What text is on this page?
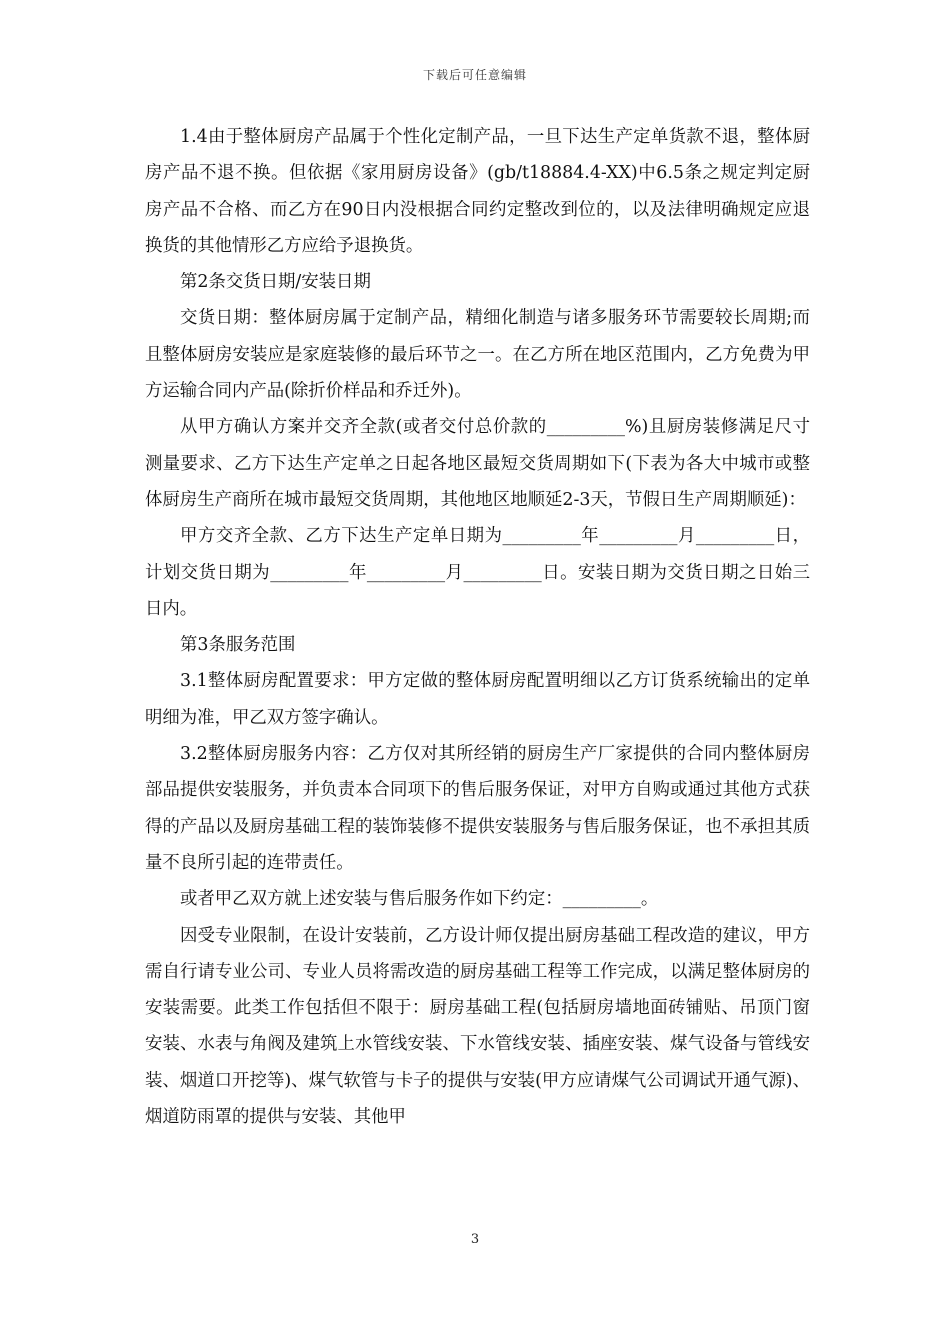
下载后可任意编辑

1.4由于整体厨房产品属于个性化定制产品，一旦下达生产定单货款不退，整体厨房产品不退不换。但依据《家用厨房设备》(gb/t18884.4-XX)中6.5条之规定判定厨房产品不合格、而乙方在90日内没根据合同约定整改到位的，以及法律明确规定应退换货的其他情形乙方应给予退换货。

第2条交货日期/安装日期

交货日期：整体厨房属于定制产品，精细化制造与诸多服务环节需要较长周期;而且整体厨房安装应是家庭装修的最后环节之一。在乙方所在地区范围内，乙方免费为甲方运输合同内产品(除折价样品和乔迁外)。

从甲方确认方案并交齐全款(或者交付总价款的_________%)且厨房装修满足尺寸测量要求、乙方下达生产定单之日起各地区最短交货周期如下(下表为各大中城市或整体厨房生产商所在城市最短交货周期，其他地区地顺延2-3天，节假日生产周期顺延)：

甲方交齐全款、乙方下达生产定单日期为_________年_________月_________日，计划交货日期为_________年_________月_________日。安装日期为交货日期之日始三日内。

第3条服务范围

3.1整体厨房配置要求：甲方定做的整体厨房配置明细以乙方订货系统输出的定单明细为准，甲乙双方签字确认。

3.2整体厨房服务内容：乙方仅对其所经销的厨房生产厂家提供的合同内整体厨房部品提供安装服务，并负责本合同项下的售后服务保证，对甲方自购或通过其他方式获得的产品以及厨房基础工程的装饰装修不提供安装服务与售后服务保证，也不承担其质量不良所引起的连带责任。

或者甲乙双方就上述安装与售后服务作如下约定：_________。

因受专业限制，在设计安装前，乙方设计师仅提出厨房基础工程改造的建议，甲方需自行请专业公司、专业人员将需改造的厨房基础工程等工作完成，以满足整体厨房的安装需要。此类工作包括但不限于：厨房基础工程(包括厨房墙地面砖铺贴、吊顶门窗安装、水表与角阀及建筑上水管线安装、下水管线安装、插座安装、煤气设备与管线安装、烟道口开挖等)、煤气软管与卡子的提供与安装(甲方应请煤气公司调试开通气源)、烟道防雨罩的提供与安装、其他甲

3
